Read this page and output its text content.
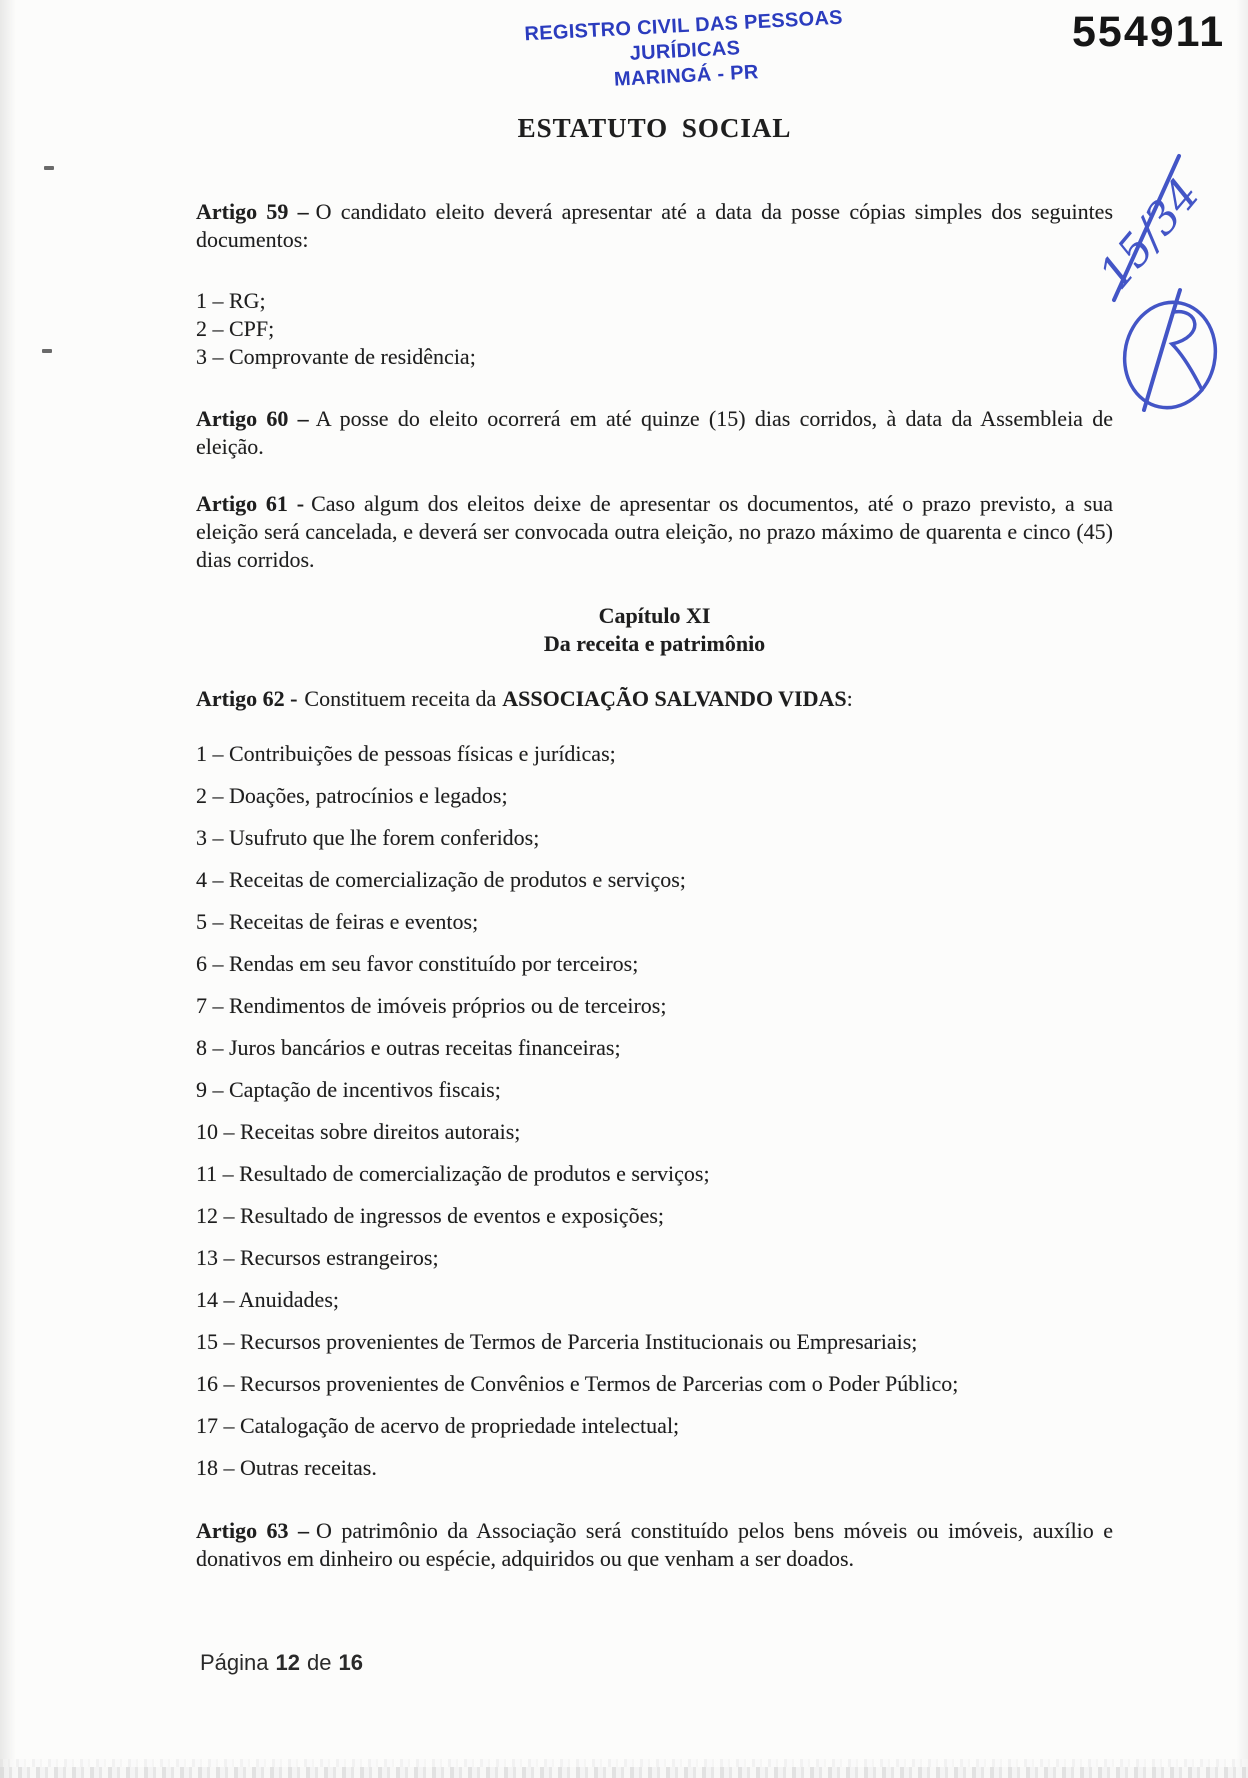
REGISTRO CIVIL DAS PESSOAS JURÍDICAS
MARINGÁ - PR
554911
15/34
ESTATUTO SOCIAL
Artigo 59 – O candidato eleito deverá apresentar até a data da posse cópias simples dos seguintes documentos:
1 – RG;
2 – CPF;
3 – Comprovante de residência;
Artigo 60 – A posse do eleito ocorrerá em até quinze (15) dias corridos, à data da Assembleia de eleição.
Artigo 61 - Caso algum dos eleitos deixe de apresentar os documentos, até o prazo previsto, a sua eleição será cancelada, e deverá ser convocada outra eleição, no prazo máximo de quarenta e cinco (45) dias corridos.
Capítulo XI
Da receita e patrimônio
Artigo 62 - Constituem receita da ASSOCIAÇÃO SALVANDO VIDAS:
1 – Contribuições de pessoas físicas e jurídicas;
2 – Doações, patrocínios e legados;
3 – Usufruto que lhe forem conferidos;
4 – Receitas de comercialização de produtos e serviços;
5 – Receitas de feiras e eventos;
6 – Rendas em seu favor constituído por terceiros;
7 – Rendimentos de imóveis próprios ou de terceiros;
8 – Juros bancários e outras receitas financeiras;
9 – Captação de incentivos fiscais;
10 – Receitas sobre direitos autorais;
11 – Resultado de comercialização de produtos e serviços;
12 – Resultado de ingressos de eventos e exposições;
13 – Recursos estrangeiros;
14 – Anuidades;
15 – Recursos provenientes de Termos de Parceria Institucionais ou Empresariais;
16 – Recursos provenientes de Convênios e Termos de Parcerias com o Poder Público;
17 – Catalogação de acervo de propriedade intelectual;
18 – Outras receitas.
Artigo 63 – O patrimônio da Associação será constituído pelos bens móveis ou imóveis, auxílio e donativos em dinheiro ou espécie, adquiridos ou que venham a ser doados.
Página 12 de 16
